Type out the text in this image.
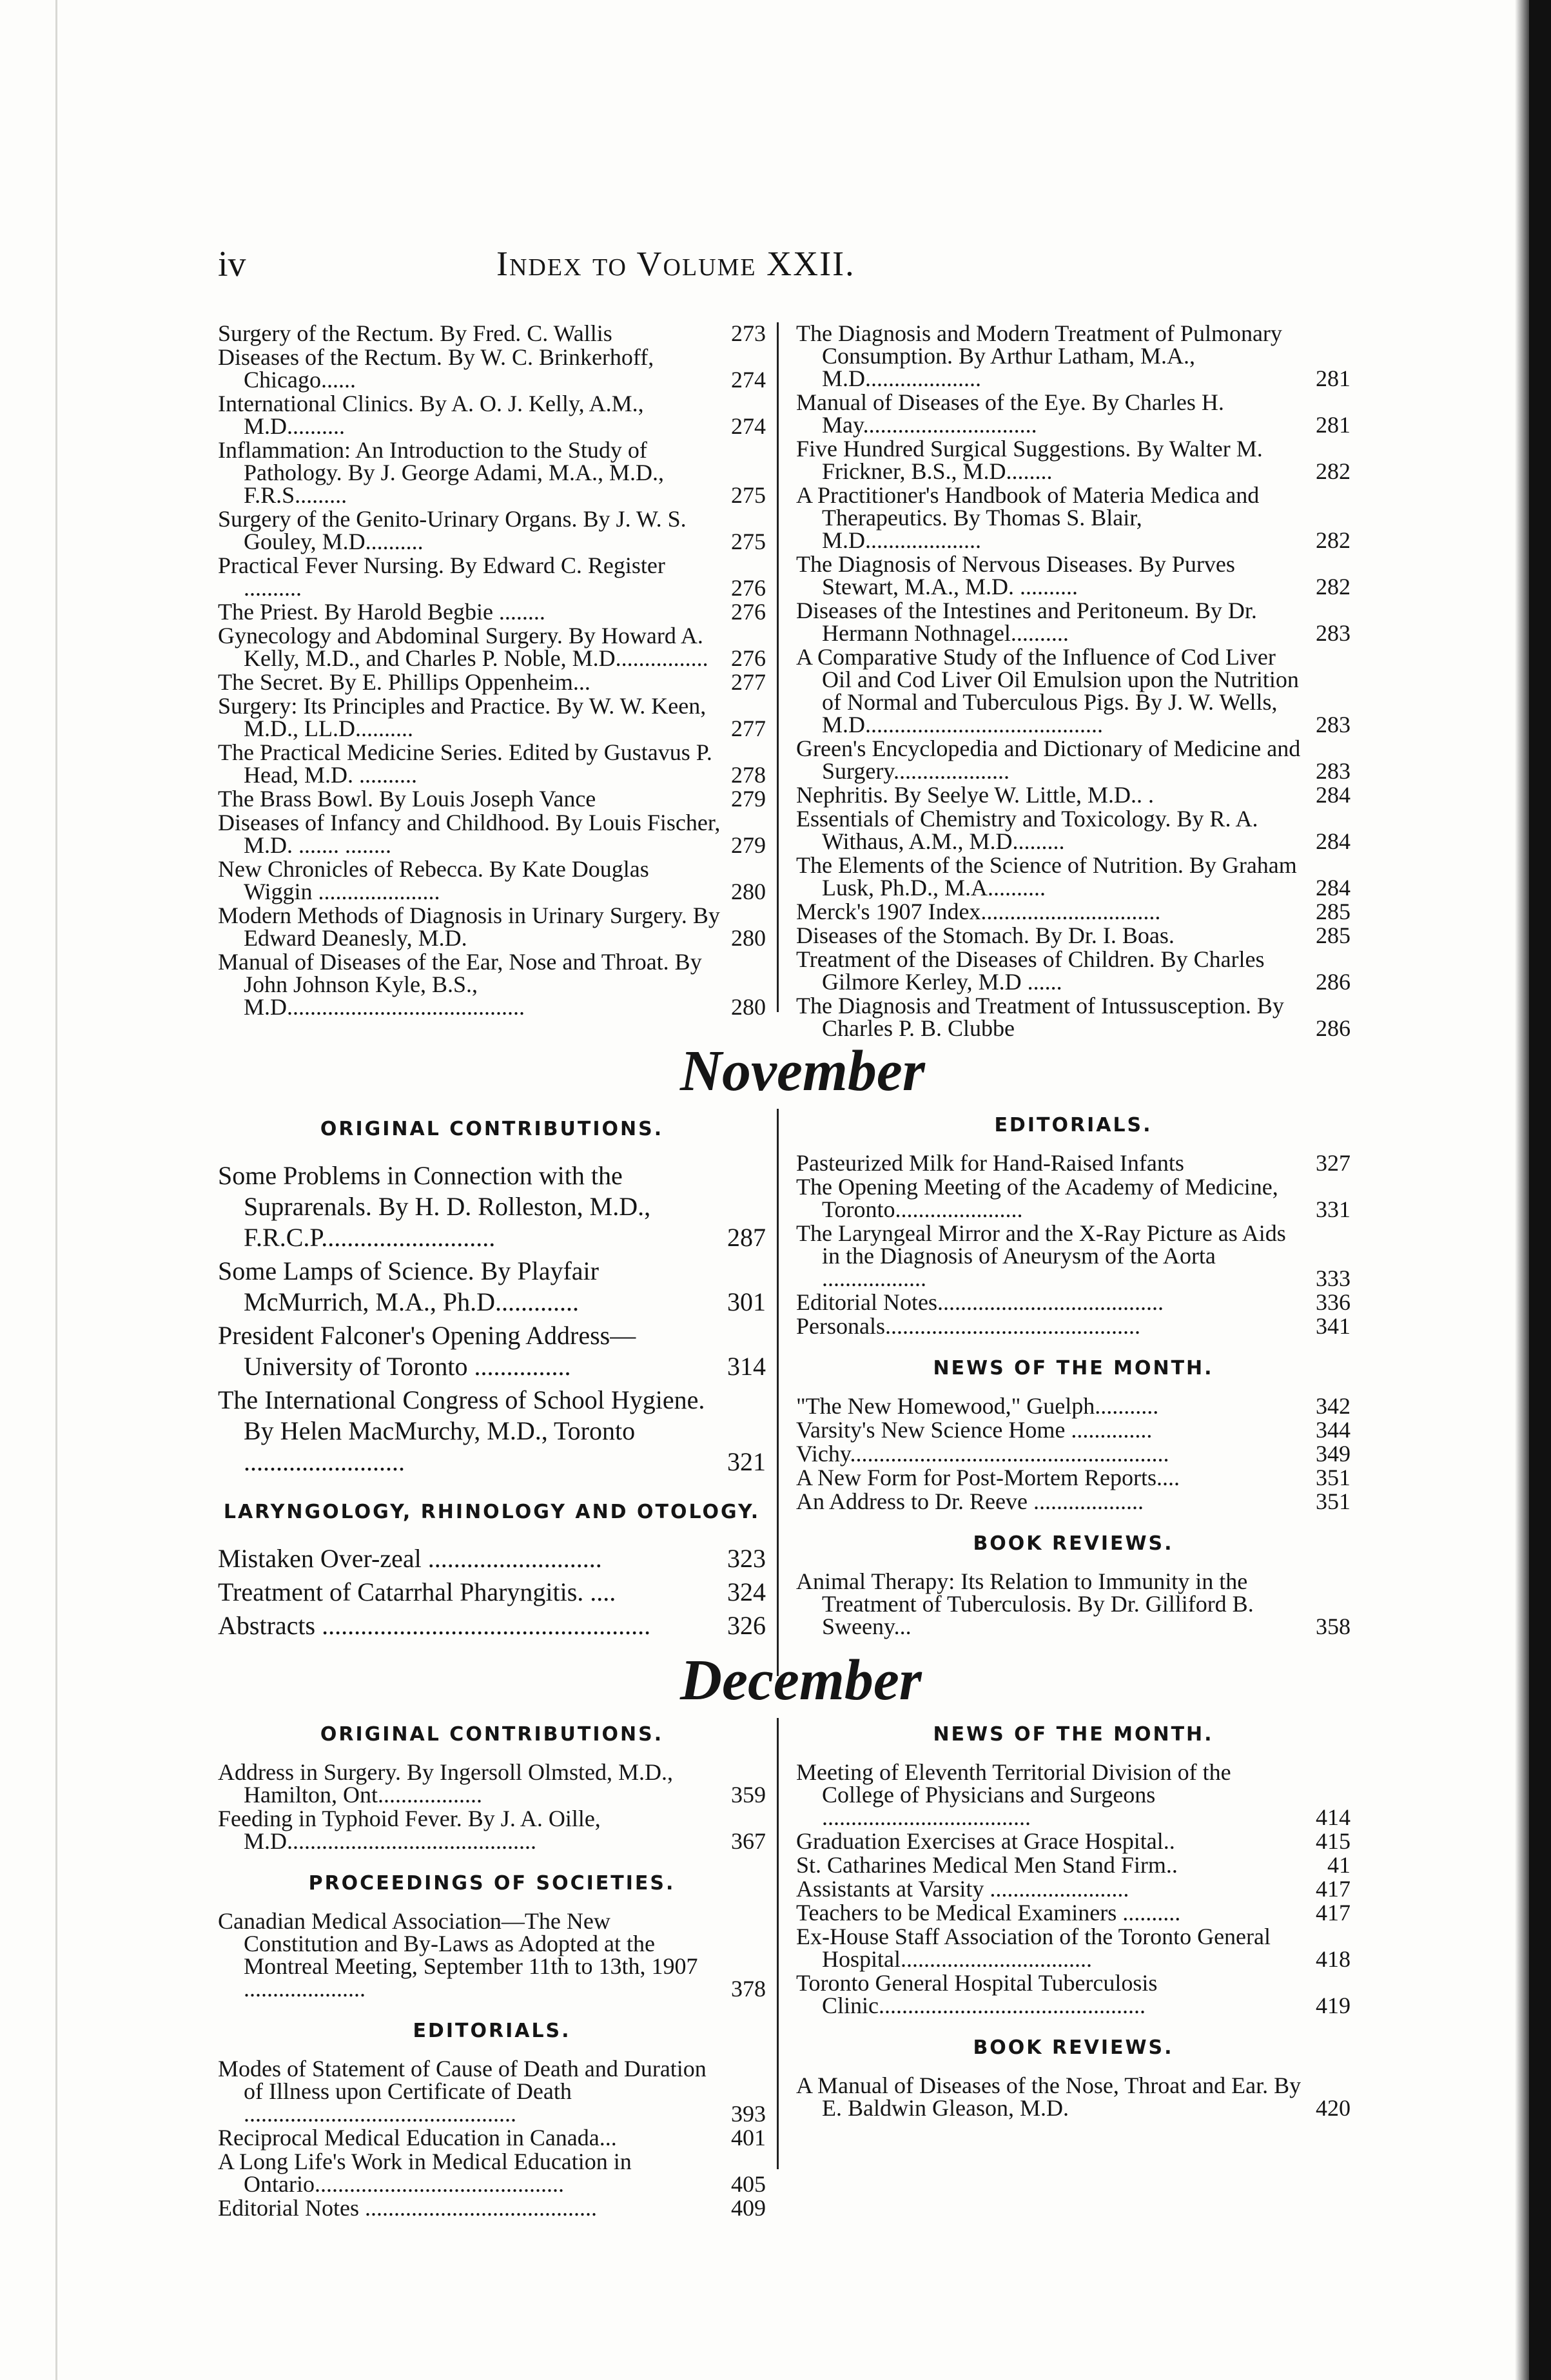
iv	Index to Volume XXII.
Surgery of the Rectum. By Fred. C. Wallis	273
Diseases of the Rectum. By W. C. Brinkerhoff, Chicago......	274
International Clinics. By A. O. J. Kelly, A.M., M.D..........	274
Inflammation: An Introduction to the Study of Pathology. By J. George Adami, M.A., M.D., F.R.S.........	275
Surgery of the Genito-Urinary Organs. By J. W. S. Gouley, M.D..........	275
Practical Fever Nursing. By Edward C. Register ..........	276
The Priest. By Harold Begbie ........	276
Gynecology and Abdominal Surgery. By Howard A. Kelly, M.D., and Charles P. Noble, M.D................ 276
The Secret. By E. Phillips Oppenheim...	277
Surgery: Its Principles and Practice. By W. W. Keen, M.D., LL.D..........	277
The Practical Medicine Series. Edited by Gustavus P. Head, M.D. ..........	278
The Brass Bowl. By Louis Joseph Vance	279
Diseases of Infancy and Childhood. By Louis Fischer, M.D. ....... ........	279
New Chronicles of Rebecca. By Kate Douglas Wiggin .....................	280
Modern Methods of Diagnosis in Urinary Surgery. By Edward Deanesly, M.D.	280
Manual of Diseases of the Ear, Nose and Throat. By John Johnson Kyle, B.S., M.D.........................................	280
The Diagnosis and Modern Treatment of Pulmonary Consumption. By Arthur Latham, M.A., M.D....................	281
Manual of Diseases of the Eye. By Charles H. May..............................	281
Five Hundred Surgical Suggestions. By Walter M. Frickner, B.S., M.D........	282
A Practitioner's Handbook of Materia Medica and Therapeutics. By Thomas S. Blair, M.D....................	282
The Diagnosis of Nervous Diseases. By Purves Stewart, M.A., M.D. ..........	282
Diseases of the Intestines and Peritoneum. By Dr. Hermann Nothnagel..........	283
A Comparative Study of the Influence of Cod Liver Oil and Cod Liver Oil Emulsion upon the Nutrition of Normal and Tuberculous Pigs. By J. W. Wells, M.D.........................................	283
Green's Encyclopedia and Dictionary of Medicine and Surgery....................	283
Nephritis. By Seelye W. Little, M.D.. .	284
Essentials of Chemistry and Toxicology. By R. A. Withaus, A.M., M.D.........	284
The Elements of the Science of Nutrition. By Graham Lusk, Ph.D., M.A..........	284
Merck's 1907 Index...............................	285
Diseases of the Stomach. By Dr. I. Boas.	285
Treatment of the Diseases of Children. By Charles Gilmore Kerley, M.D ......	286
The Diagnosis and Treatment of Intussusception. By Charles P. B. Clubbe	286
November
ORIGINAL CONTRIBUTIONS.
Some Problems in Connection with the Suprarenals. By H. D. Rolleston, M.D., F.R.C.P...........................	287
Some Lamps of Science. By Playfair McMurrich, M.A., Ph.D.............	301
President Falconer's Opening Address—University of Toronto ...............	314
The International Congress of School Hygiene. By Helen MacMurchy, M.D., Toronto .........................	321
LARYNGOLOGY, RHINOLOGY AND OTOLOGY.
Mistaken Over-zeal ...........................	323
Treatment of Catarrhal Pharyngitis. ....	324
Abstracts ...................................................	326
EDITORIALS.
Pasteurized Milk for Hand-Raised Infants	327
The Opening Meeting of the Academy of Medicine, Toronto......................	331
The Laryngeal Mirror and the X-Ray Picture as Aids in the Diagnosis of Aneurysm of the Aorta ..................	333
Editorial Notes.......................................	336
Personals............................................	341
NEWS OF THE MONTH.
"The New Homewood," Guelph...........	342
Varsity's New Science Home ..............	344
Vichy.......................................................	349
A New Form for Post-Mortem Reports....	351
An Address to Dr. Reeve ...................	351
BOOK REVIEWS.
Animal Therapy: Its Relation to Immunity in the Treatment of Tuberculosis. By Dr. Gilliford B. Sweeny...	358
December
ORIGINAL CONTRIBUTIONS.
Address in Surgery. By Ingersoll Olmsted, M.D., Hamilton, Ont..................	359
Feeding in Typhoid Fever. By J. A. Oille, M.D...........................................	367
PROCEEDINGS OF SOCIETIES.
Canadian Medical Association—The New Constitution and By-Laws as Adopted at the Montreal Meeting, September 11th to 13th, 1907 .....................	378
EDITORIALS.
Modes of Statement of Cause of Death and Duration of Illness upon Certificate of Death ...............................................	393
Reciprocal Medical Education in Canada...	401
A Long Life's Work in Medical Education in Ontario...........................................	405
Editorial Notes ........................................	409
NEWS OF THE MONTH.
Meeting of Eleventh Territorial Division of the College of Physicians and Surgeons ....................................	414
Graduation Exercises at Grace Hospital..	415
St. Catharines Medical Men Stand Firm..	41
Assistants at Varsity ........................	417
Teachers to be Medical Examiners ..........	417
Ex-House Staff Association of the Toronto General Hospital.................................	418
Toronto General Hospital Tuberculosis Clinic..............................................	419
BOOK REVIEWS.
A Manual of Diseases of the Nose, Throat and Ear. By E. Baldwin Gleason, M.D.	420
